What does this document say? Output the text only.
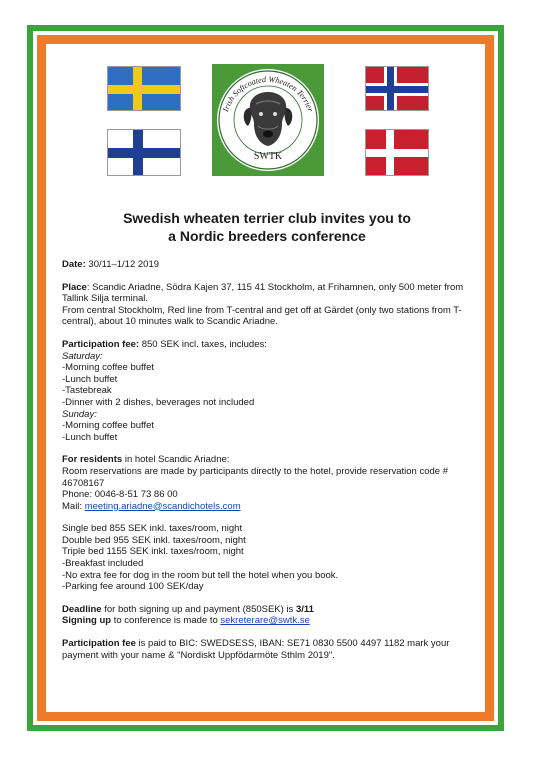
Irish Softcoated Wheaten Terrier
SWTK
Swedish wheaten terrier club invites you to
a Nordic breeders conference

Date: 30/11–1/12 2019

Place: Scandic Ariadne, Södra Kajen 37, 115 41 Stockholm, at Frihamnen, only 500 meter from Tallink Silja terminal.

From central Stockholm, Red line from T-central and get off at Gärdet (only two stations from T-central), about 10 minutes walk to Scandic Ariadne.

Participation fee: 850 SEK incl. taxes, includes:

Saturday:

-Morning coffee buffet

-Lunch buffet

-Tastebreak

-Dinner with 2 dishes, beverages not included

Sunday:

-Morning coffee buffet

-Lunch buffet

For residents in hotel Scandic Ariadne:

Room reservations are made by participants directly to the hotel, provide reservation code # 46708167

Phone: 0046-8-51 73 86 00

Mail: meeting.ariadne@scandichotels.com

Single bed 855 SEK inkl. taxes/room, night

Double bed 955 SEK inkl. taxes/room, night

Triple bed 1155 SEK inkl. taxes/room, night

-Breakfast included

-No extra fee for dog in the room but tell the hotel when you book.

-Parking fee around 100 SEK/day

Deadline for both signing up and payment (850SEK) is 3/11

Signing up to conference is made to sekreterare@swtk.se

Participation fee is paid to BIC: SWEDSESS, IBAN: SE71 0830 5500 4497 1182 mark your payment with your name & "Nordiskt Uppfödarmöte Sthlm 2019".
